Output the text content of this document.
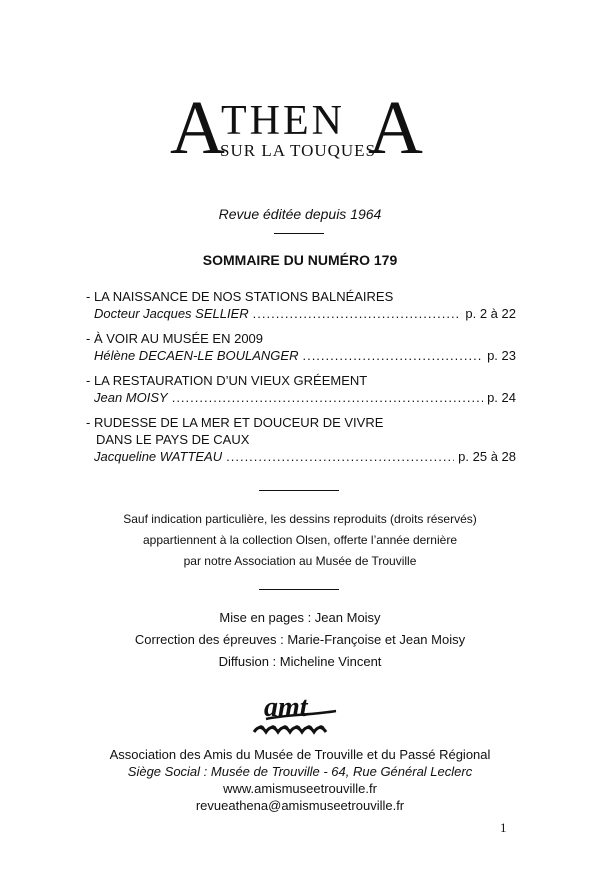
A
THEN
SUR LA TOUQUES
A
Revue éditée depuis 1964
SOMMAIRE DU NUMÉRO 179
- LA NAISSANCE DE NOS STATIONS BALNÉAIRES
Docteur Jacques SELLIER .....	p. 2 à 22
- À VOIR AU MUSÉE EN 2009
Hélène DECAEN-LE BOULANGER .....	p. 23
- LA RESTAURATION D’UN VIEUX GRÉEMENT
Jean MOISY .....	p. 24
- RUDESSE DE LA MER ET DOUCEUR DE VIVRE
DANS LE PAYS DE CAUX
Jacqueline WATTEAU .....	p. 25 à 28
Sauf indication particulière, les dessins reproduits (droits réservés)
appartiennent à la collection Olsen, offerte l’année dernière
par notre Association au Musée de Trouville
Mise en pages : Jean Moisy
Correction des épreuves : Marie-Françoise et Jean Moisy
Diffusion : Micheline Vincent
amt
Association des Amis du Musée de Trouville et du Passé Régional
Siège Social : Musée de Trouville - 64, Rue Général Leclerc
www.amismuseetrouville.fr
revueathena@amismuseetrouville.fr
1
